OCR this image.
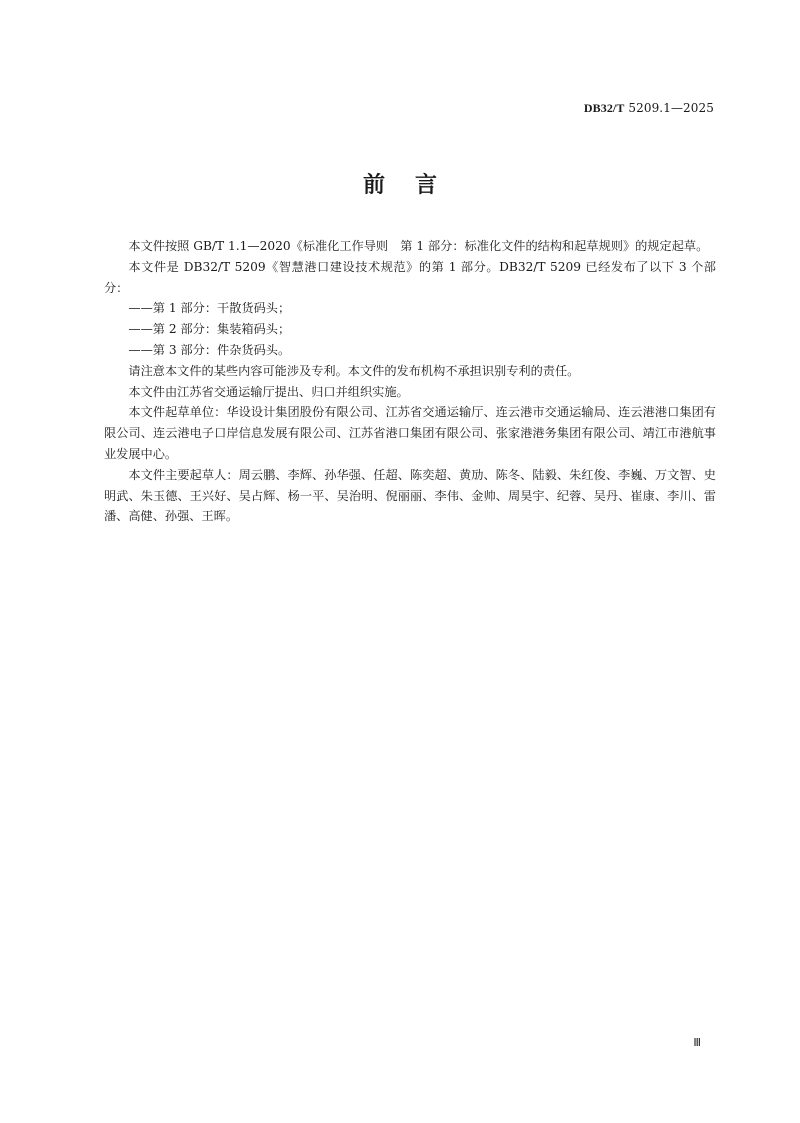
DB32/T 5209.1—2025
前言

本文件按照 GB/T 1.1—2020《标准化工作导则　第 1 部分：标准化文件的结构和起草规则》的规定起草。

本文件是 DB32/T 5209《智慧港口建设技术规范》的第 1 部分。DB32/T 5209 已经发布了以下 3 个部分：

——第 1 部分：干散货码头；

——第 2 部分：集装箱码头；

——第 3 部分：件杂货码头。

请注意本文件的某些内容可能涉及专利。本文件的发布机构不承担识别专利的责任。

本文件由江苏省交通运输厅提出、归口并组织实施。

本文件起草单位：华设设计集团股份有限公司、江苏省交通运输厅、连云港市交通运输局、连云港港口集团有限公司、连云港电子口岸信息发展有限公司、江苏省港口集团有限公司、张家港港务集团有限公司、靖江市港航事业发展中心。

本文件主要起草人：周云鹏、李辉、孙华强、任超、陈奕超、黄劢、陈冬、陆毅、朱红俊、李巍、万文智、史明武、朱玉德、王兴好、吴占辉、杨一平、吴治明、倪丽丽、李伟、金帅、周昊宇、纪蓉、吴丹、崔康、李川、雷潘、高健、孙强、王晖。

Ⅲ
